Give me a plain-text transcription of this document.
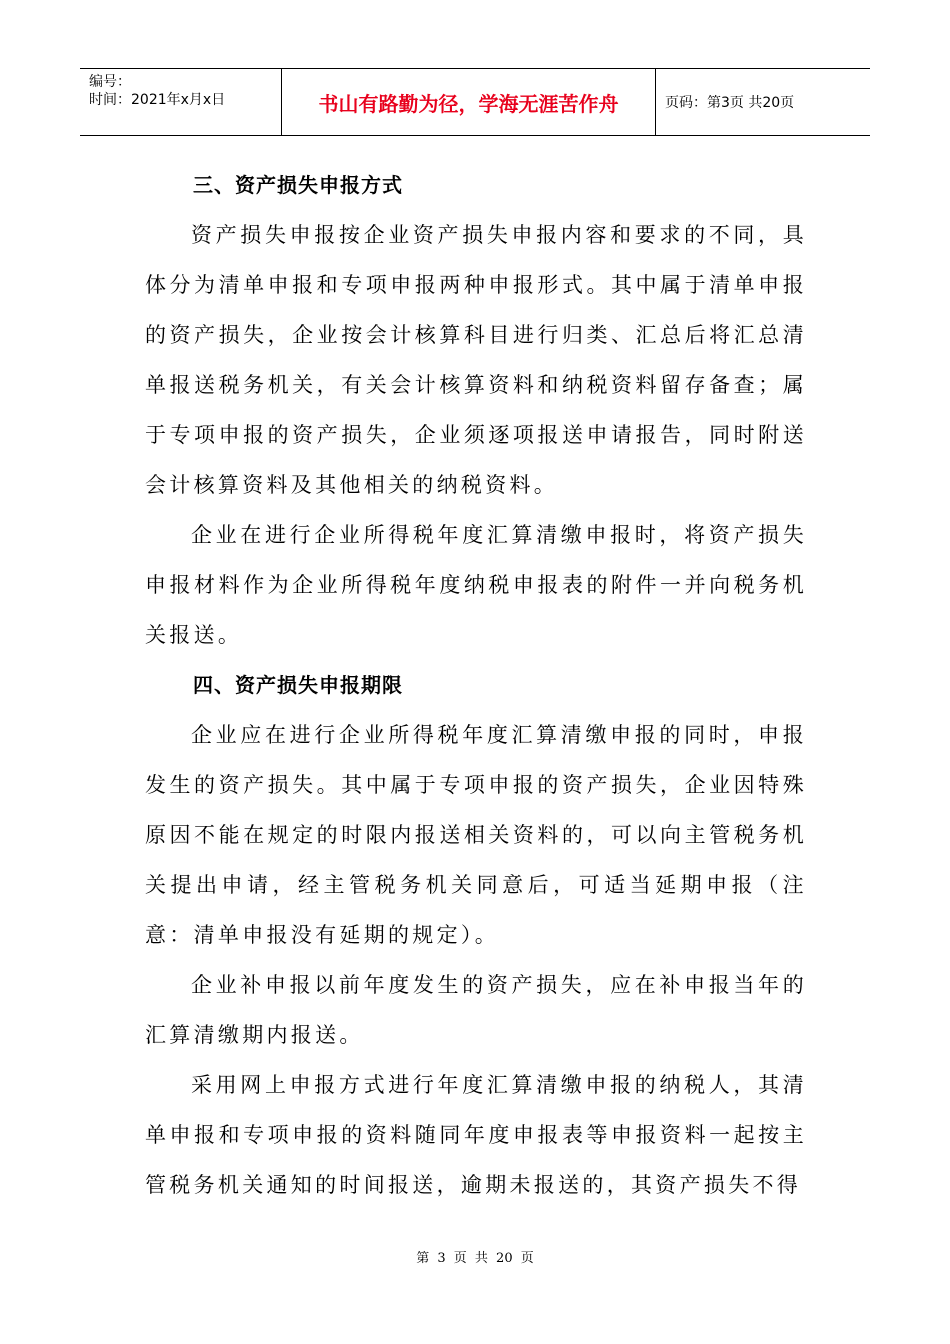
编号：
时间：2021年x月x日	书山有路勤为径，学海无涯苦作舟	页码：第3页 共20页
三、资产损失申报方式

资产损失申报按企业资产损失申报内容和要求的不同，具体分为清单申报和专项申报两种申报形式。其中属于清单申报的资产损失，企业按会计核算科目进行归类、汇总后将汇总清单报送税务机关，有关会计核算资料和纳税资料留存备查；属于专项申报的资产损失，企业须逐项报送申请报告，同时附送会计核算资料及其他相关的纳税资料。

企业在进行企业所得税年度汇算清缴申报时，将资产损失申报材料作为企业所得税年度纳税申报表的附件一并向税务机关报送。

四、资产损失申报期限

企业应在进行企业所得税年度汇算清缴申报的同时，申报发生的资产损失。其中属于专项申报的资产损失，企业因特殊原因不能在规定的时限内报送相关资料的，可以向主管税务机关提出申请，经主管税务机关同意后，可适当延期申报（注意：清单申报没有延期的规定）。

企业补申报以前年度发生的资产损失，应在补申报当年的汇算清缴期内报送。

采用网上申报方式进行年度汇算清缴申报的纳税人，其清单申报和专项申报的资料随同年度申报表等申报资料一起按主管税务机关通知的时间报送，逾期未报送的，其资产损失不得

第 3 页 共 20 页
